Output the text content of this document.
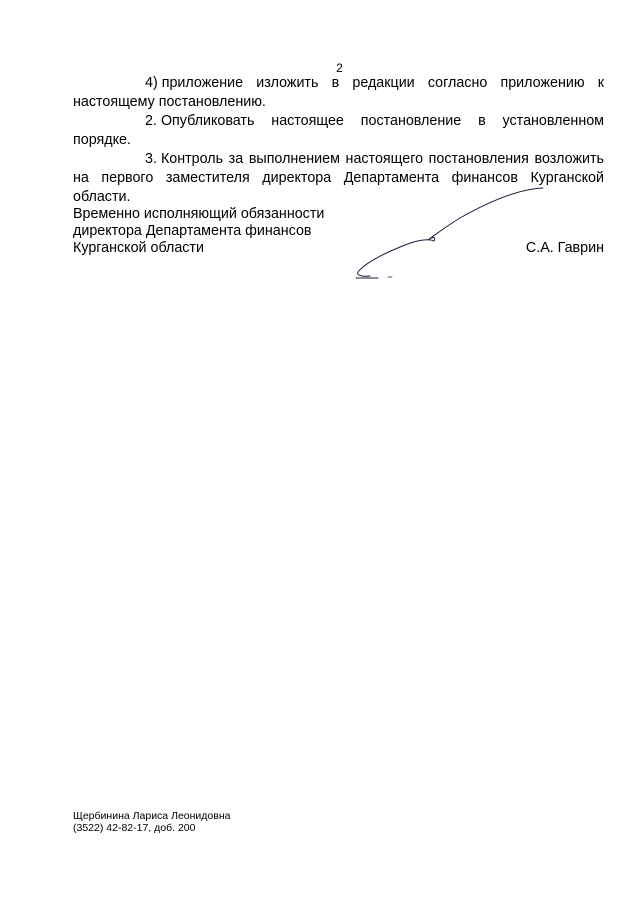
2

4) приложение изложить в редакции согласно приложению к настоящему постановлению.

2. Опубликовать настоящее постановление в установленном порядке.

3. Контроль за выполнением настоящего постановления возложить на первого заместителя директора Департамента финансов Курганской области.

Временно исполняющий обязанности
директора Департамента финансов
Курганской области	С.А. Гаврин
Щербинина Лариса Леонидовна
(3522) 42-82-17, доб. 200
